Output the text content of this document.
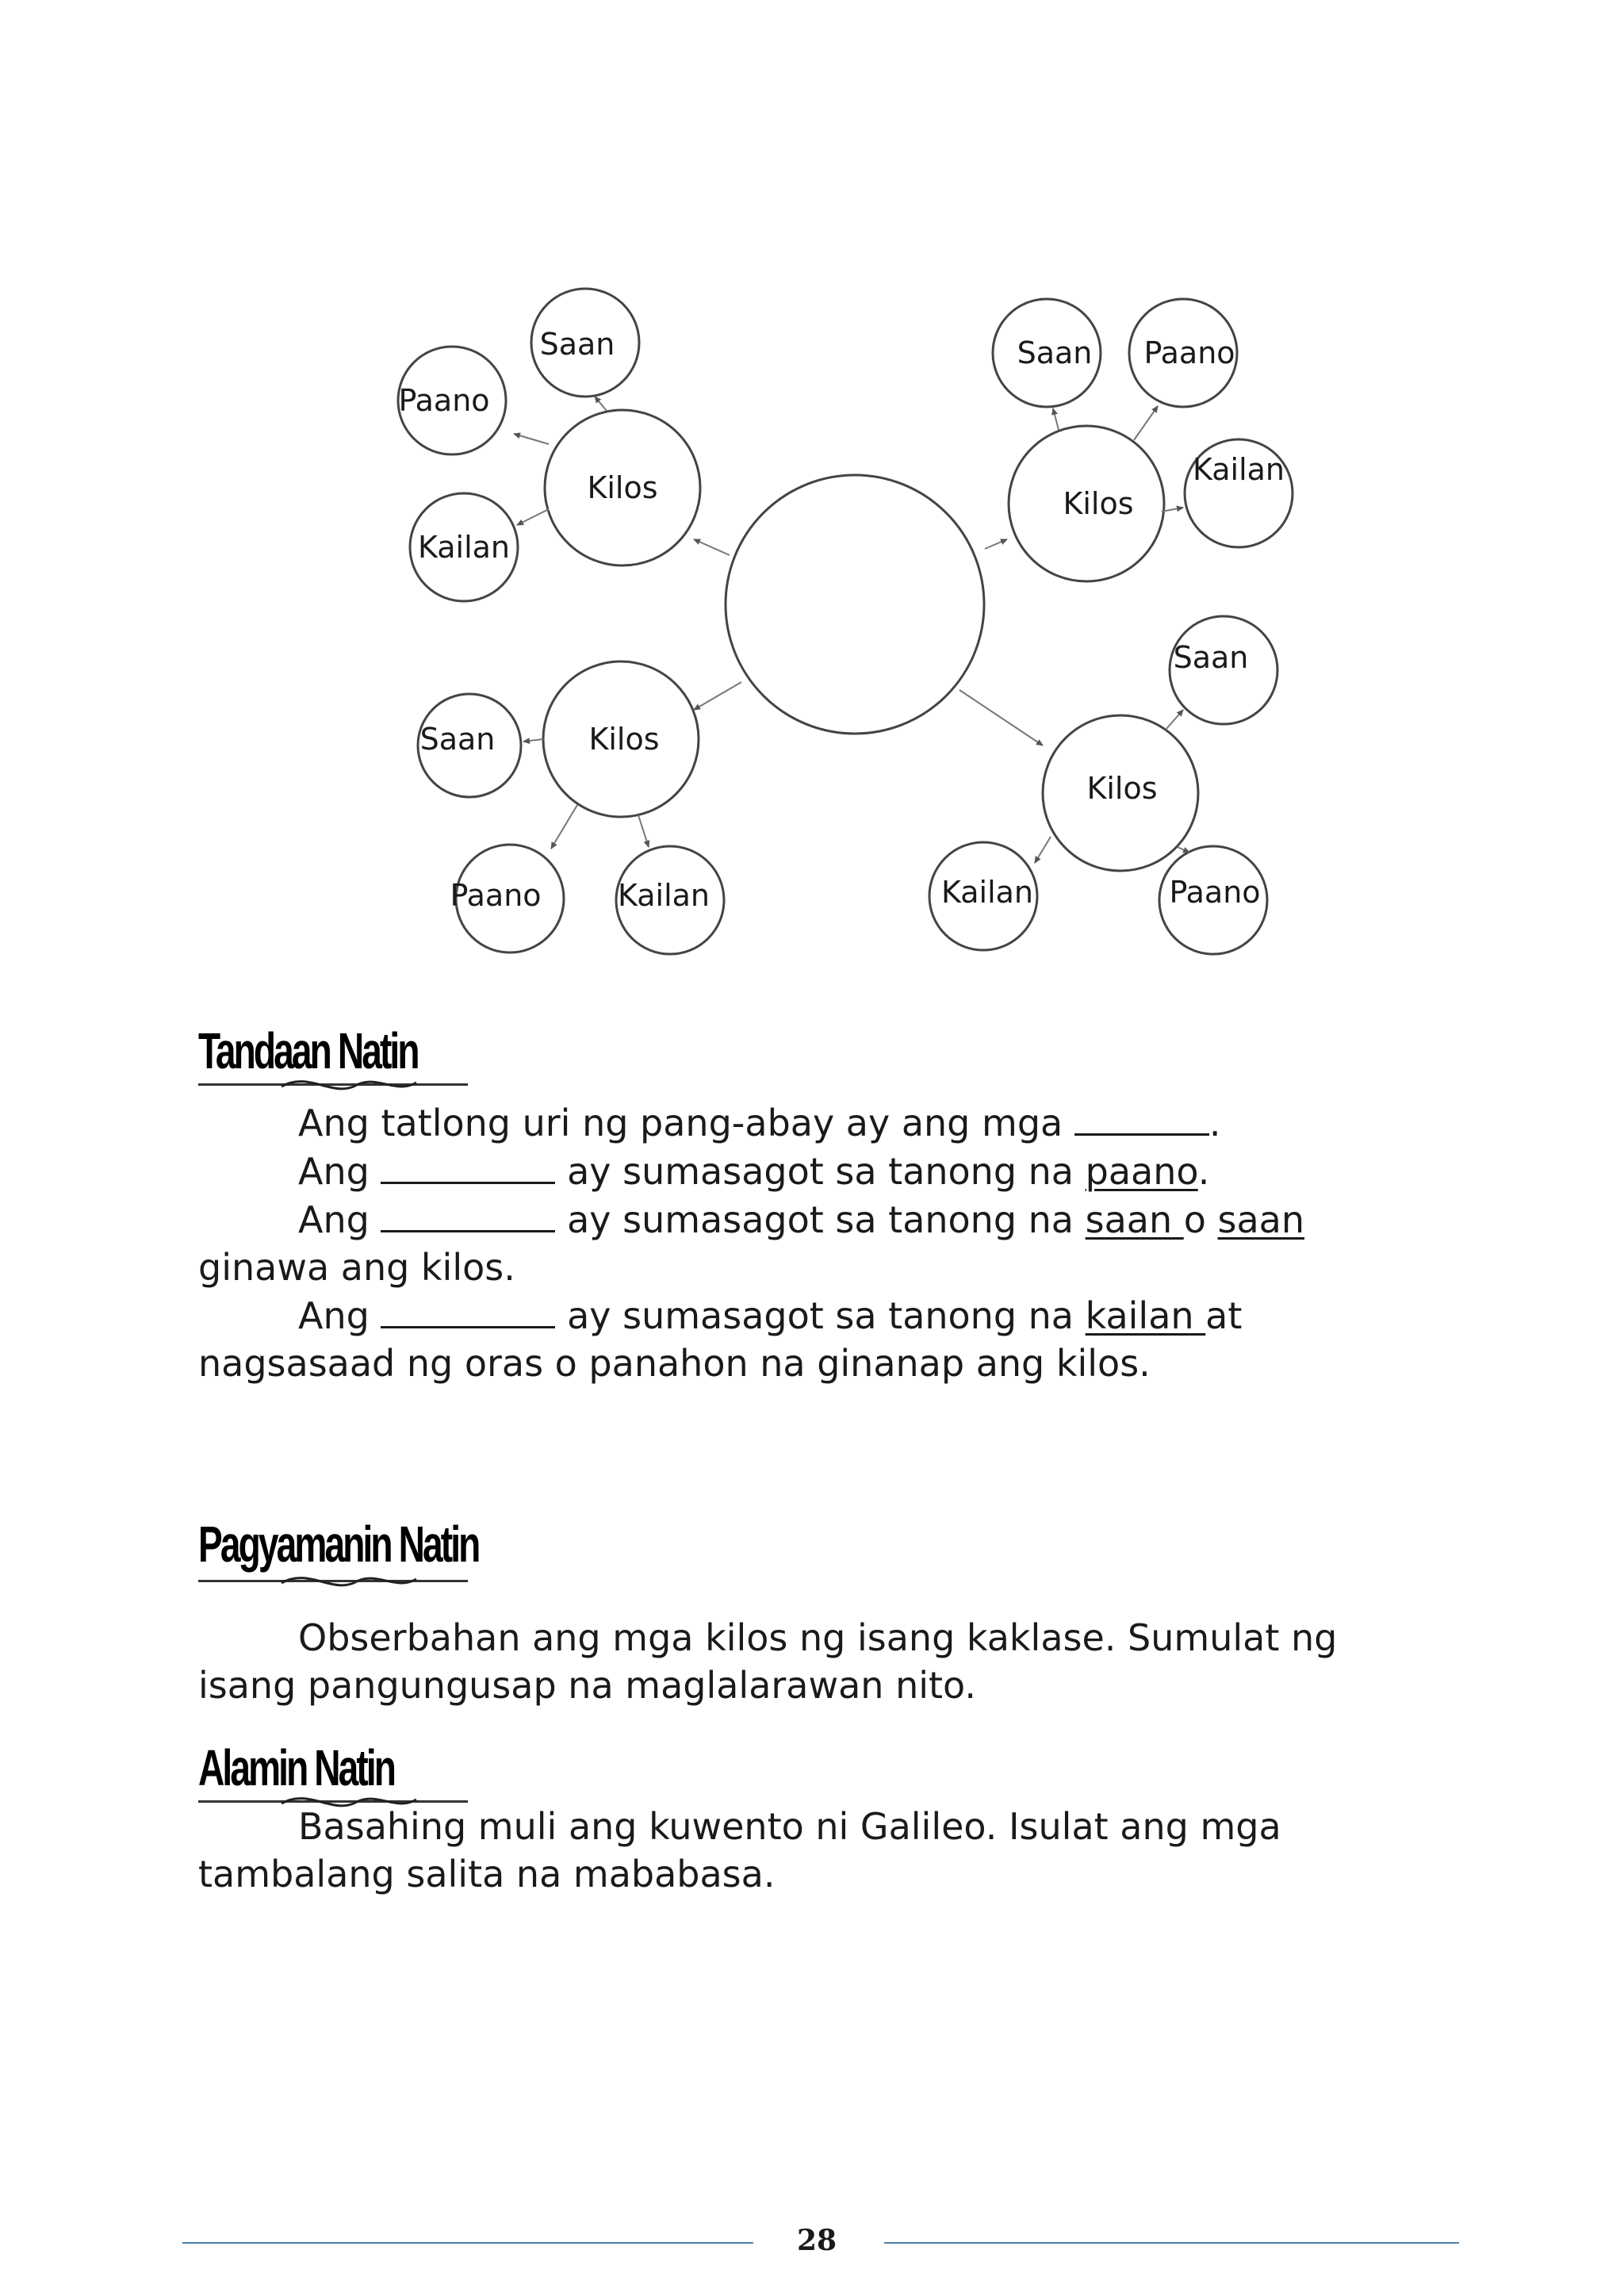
Kilos
Saan
Paano
Kailan
Kilos
Saan Paano
Kailan
Kilos
Saan
Paano	Kailan
Kilos
Saan
Kailan	Paano
Tandaan Natin
Ang tatlong uri ng pang-abay ay ang mga	.
Ang	ay sumasagot sa tanong na paano.
Ang	ay sumasagot sa tanong na saan o saan
ginawa ang kilos.
Ang	ay sumasagot sa tanong na kailan at
nagsasaad ng oras o panahon na ginanap ang kilos.
Pagyamanin Natin
Obserbahan ang mga kilos ng isang kaklase. Sumulat ng
isang pangungusap na maglalarawan nito.
Alamin Natin
Basahing muli ang kuwento ni Galileo. Isulat ang mga
tambalang salita na mababasa.
28
